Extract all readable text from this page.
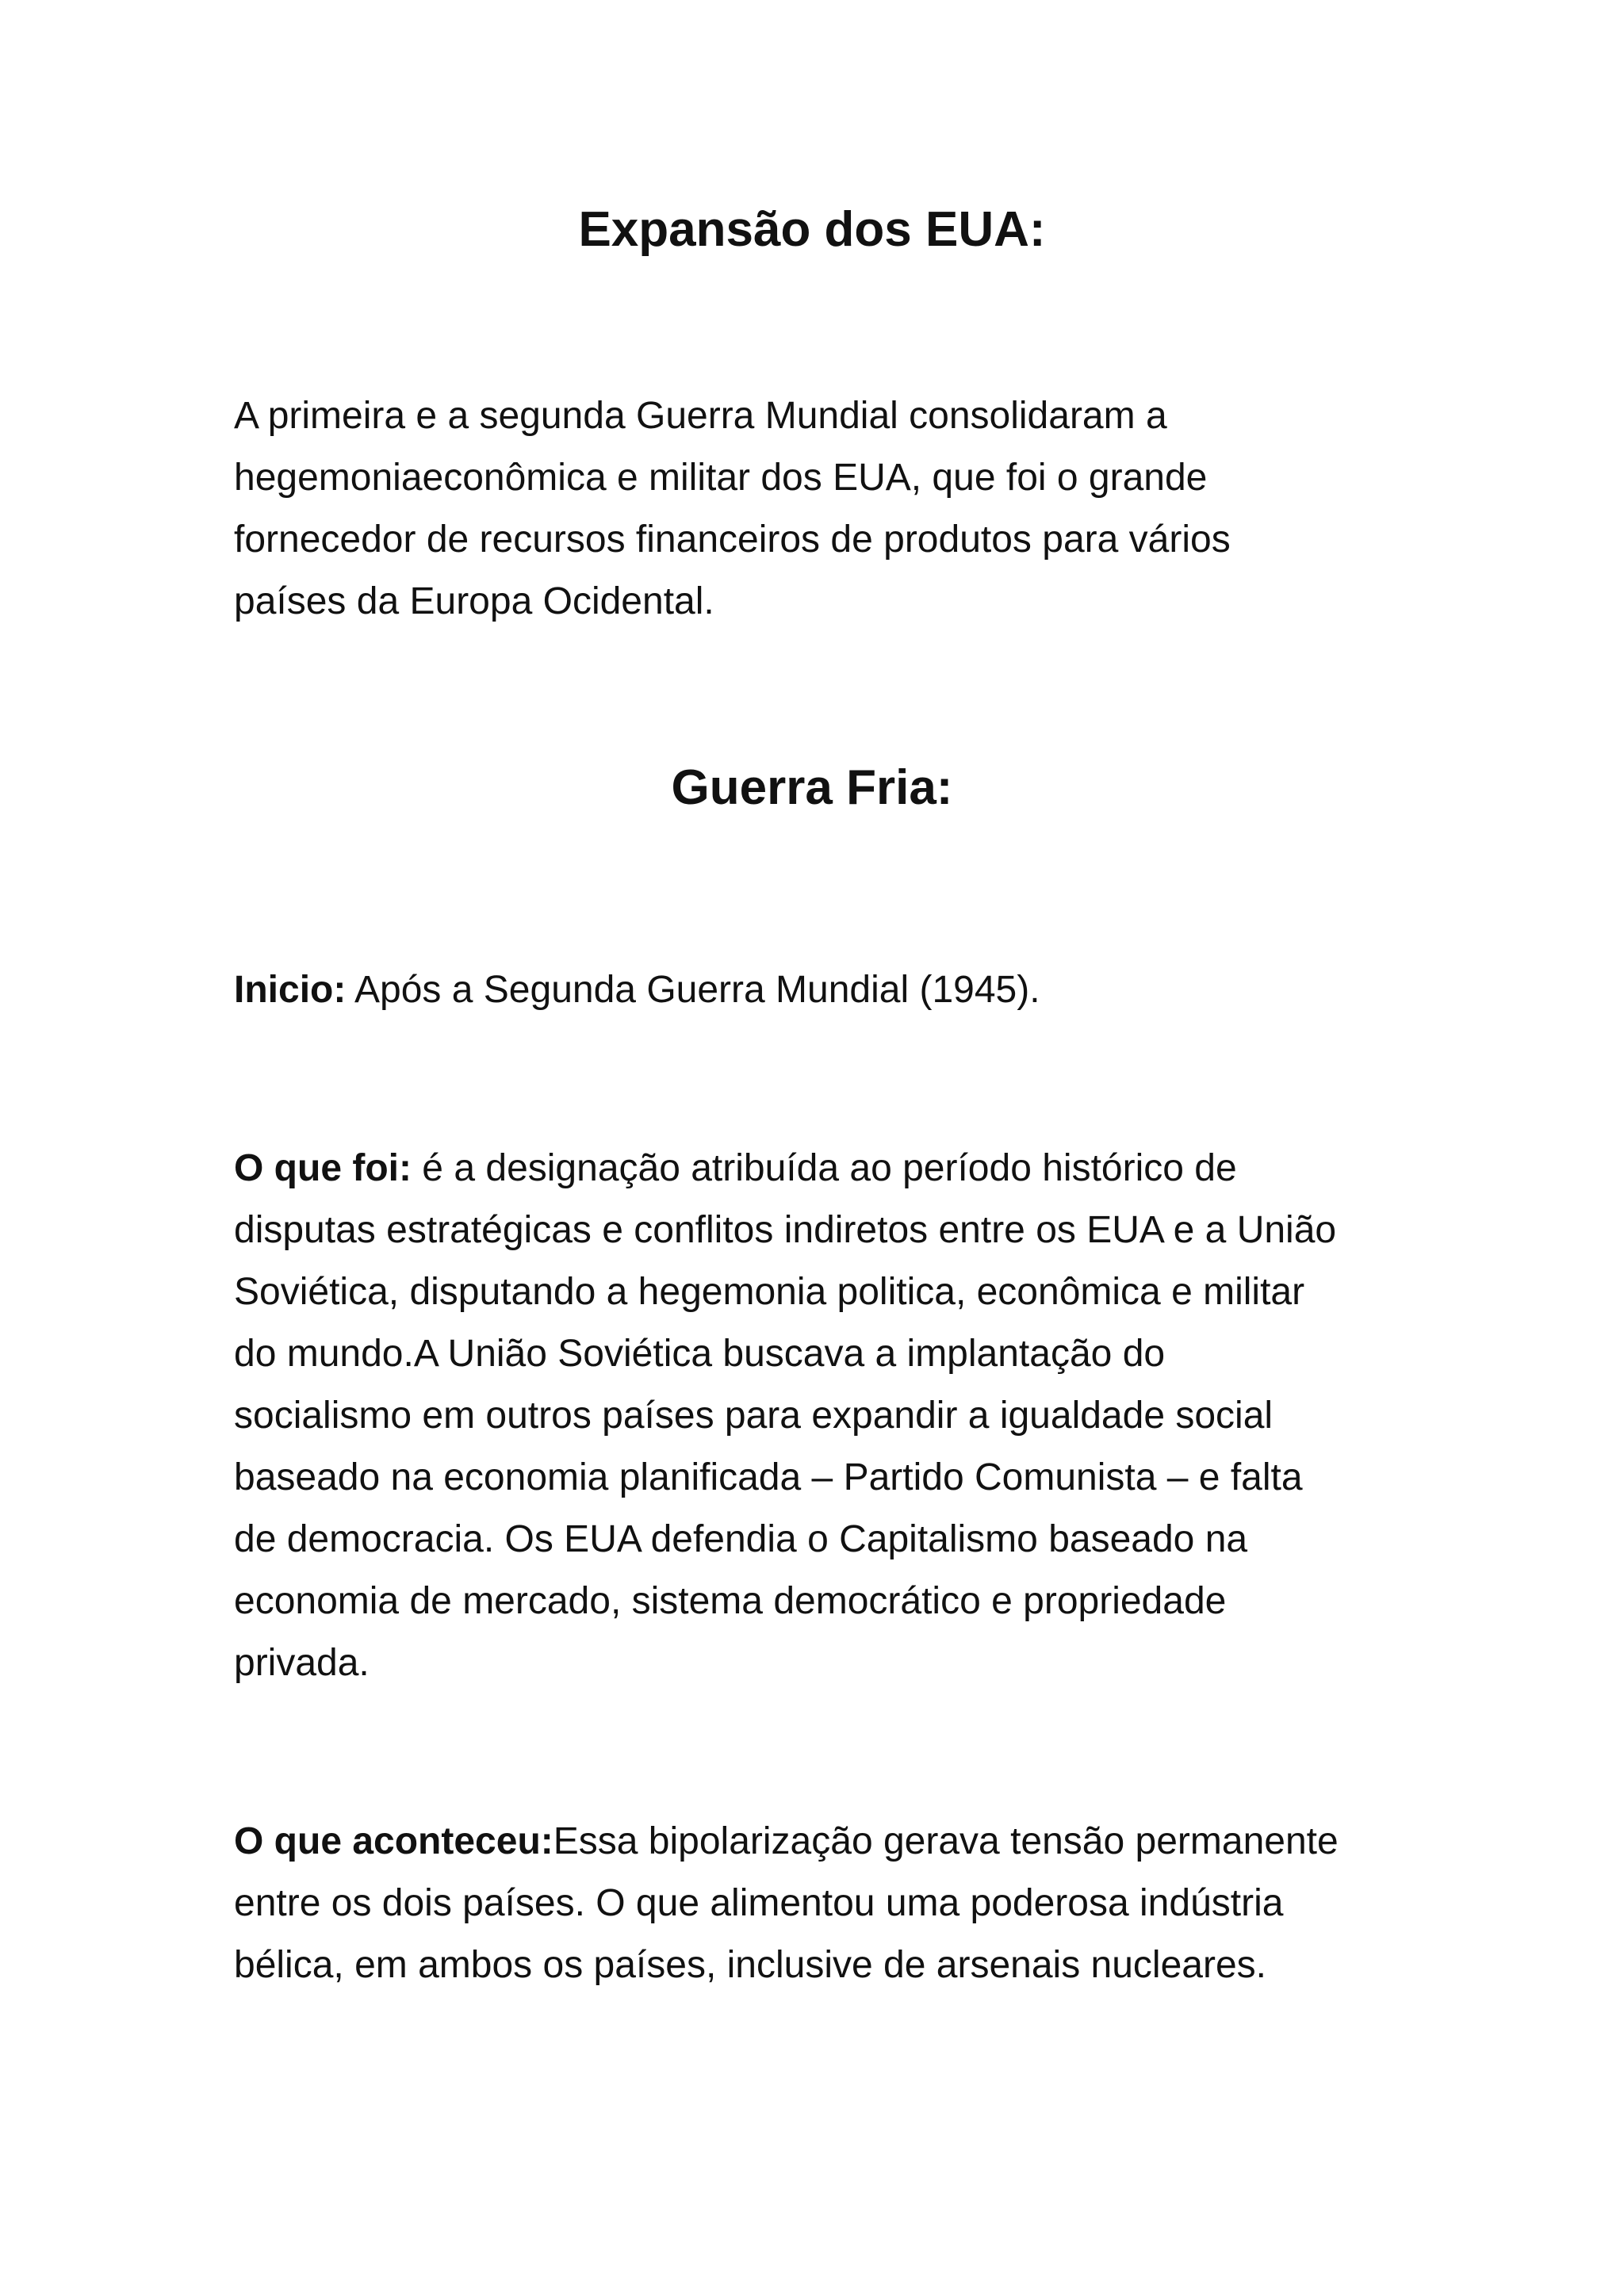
Expansão dos EUA:
A primeira e a segunda Guerra Mundial consolidaram a
hegemoniaeconômica e militar dos EUA, que foi o grande
fornecedor de recursos financeiros de produtos para vários
países da Europa Ocidental.
Guerra Fria:
Inicio: Após a Segunda Guerra Mundial (1945).
O que foi: é a designação atribuída ao período histórico de
disputas estratégicas e conflitos indiretos entre os EUA e a União
Soviética, disputando a hegemonia politica, econômica e militar
do mundo.A União Soviética buscava a implantação do
socialismo em outros países para expandir a igualdade social
baseado na economia planificada – Partido Comunista – e falta
de democracia. Os EUA defendia o Capitalismo baseado na
economia de mercado, sistema democrático e propriedade
privada.
O que aconteceu:Essa bipolarização gerava tensão permanente
entre os dois países. O que alimentou uma poderosa indústria
bélica, em ambos os países, inclusive de arsenais nucleares.
